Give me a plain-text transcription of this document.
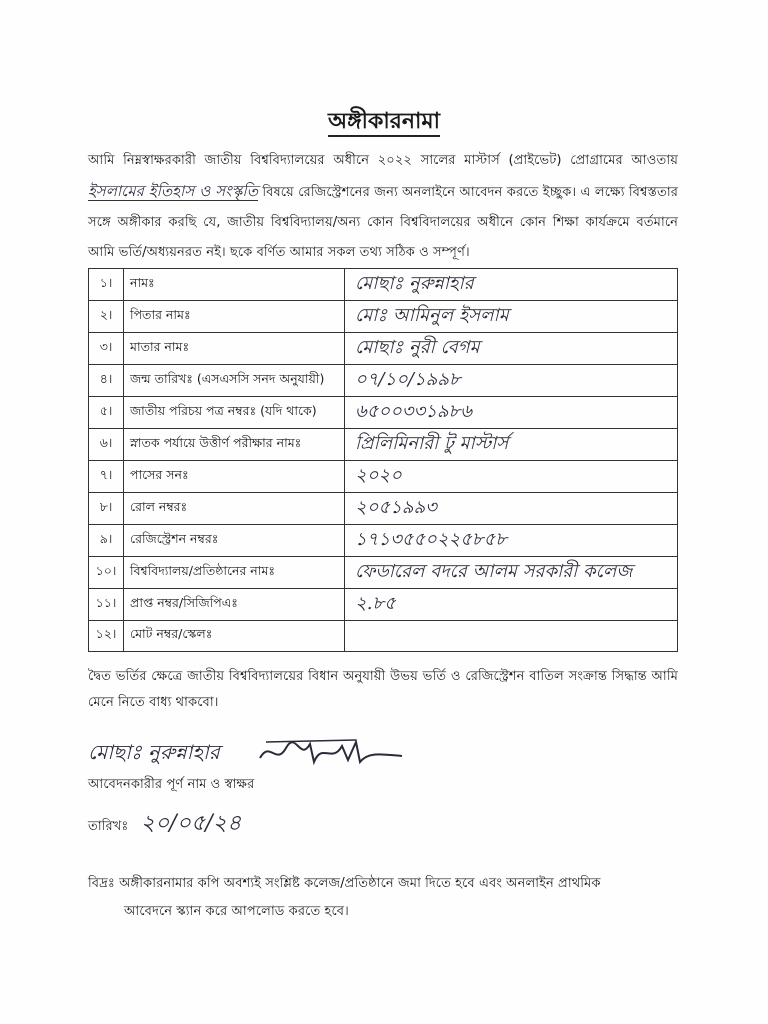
অঙ্গীকারনামা
আমি নিম্নস্বাক্ষরকারী জাতীয় বিশ্ববিদ্যালয়ের অধীনে ২০২২ সালের মাস্টার্স (প্রাইভেট) প্রোগ্রামের আওতায় ইসলামের ইতিহাস ও সংস্কৃতি বিষয়ে রেজিস্ট্রেশনের জন্য অনলাইনে আবেদন করতে ইচ্ছুক। এ লক্ষ্যে বিশ্বস্ততার সঙ্গে অঙ্গীকার করছি যে, জাতীয় বিশ্ববিদ্যালয়/অন্য কোন বিশ্ববিদালয়ের অধীনে কোন শিক্ষা কার্যক্রমে বর্তমানে আমি ভর্তি/অধ্যয়নরত নই। ছকে বর্ণিত আমার সকল তথ্য সঠিক ও সম্পূর্ণ।
১।	নামঃ	মোছাঃ নুরুন্নাহার
২।	পিতার নামঃ	মোঃ আমিনুল ইসলাম
৩।	মাতার নামঃ	মোছাঃ নুরী বেগম
৪।	জন্ম তারিখঃ (এসএসসি সনদ অনুযায়ী)	০৭/১০/১৯৯৮
৫।	জাতীয় পরিচয় পত্র নম্বরঃ (যদি থাকে)	৬৫০০৩৩১৯৮৬
৬।	স্নাতক পর্যায়ে উত্তীর্ণ পরীক্ষার নামঃ	প্রিলিমিনারী টু মাস্টার্স
৭।	পাসের সনঃ	২০২০
৮।	রোল নম্বরঃ	২০৫১৯৯৩
৯।	রেজিস্ট্রেশন নম্বরঃ	১৭১৩৫৫০২২৫৮৫৮
১০।	বিশ্ববিদ্যালয়/প্রতিষ্ঠানের নামঃ	ফেডারেল বদরে আলম সরকারী কলেজ
১১।	প্রাপ্ত নম্বর/সিজিপিএঃ	২.৮৫
১২।	মোট নম্বর/স্কেলঃ	
দ্বৈত ভর্তির ক্ষেত্রে জাতীয় বিশ্ববিদ্যালয়ের বিধান অনুযায়ী উভয় ভর্তি ও রেজিস্ট্রেশন বাতিল সংক্রান্ত সিদ্ধান্ত আমি মেনে নিতে বাধ্য থাকবো।
মোছাঃ নুরুন্নাহার
আবেদনকারীর পূর্ণ নাম ও স্বাক্ষর
তারিখঃ ২০/০৫/২৪
বিদ্রঃ অঙ্গীকারনামার কপি অবশ্যই সংশ্লিষ্ট কলেজ/প্রতিষ্ঠানে জমা দিতে হবে এবং অনলাইন প্রাথমিক
আবেদনে স্ক্যান করে আপলোড করতে হবে।
